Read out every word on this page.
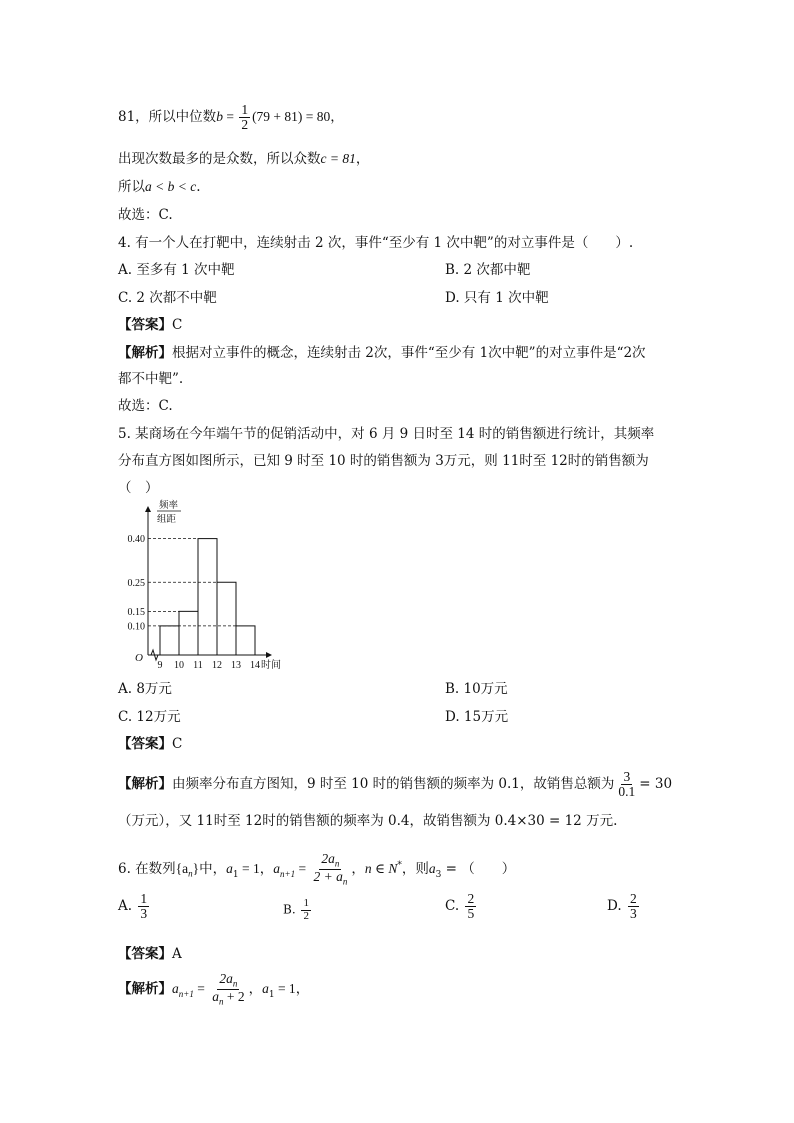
81，所以中位数$b = \frac{1}{2} (79 + 81) = 80$，
出现次数最多的是众数，所以众数c = 81，
所以a < b < c.
故选：C.
4. 有一个人在打靶中，连续射击 2 次，事件“至少有 1 次中靶”的对立事件是（　　）.
A. 至多有 1 次中靶	B. 2 次都中靶
C. 2 次都不中靶	D. 只有 1 次中靶
【答案】C
【解析】根据对立事件的概念，连续射击 2次，事件“至少有 1次中靶”的对立事件是“2次
都不中靶”.
故选：C.
5. 某商场在今年端午节的促销活动中，对 6 月 9 日时至 14 时的销售额进行统计，其频率
分布直方图如图所示，已知 9 时至 10 时的销售额为 3万元，则 11时至 12时的销售额为
（　）
0.40
0.25
0.15
0.10
9 10 11 12 13 14 时间
O
频率
组距
A. 8万元	B. 10万元
C. 12万元	D. 15万元
【答案】C
【解析】由频率分布直方图知，9 时至 10 时的销售额的频率为 0.1，故销售总额为 $\frac{3}{0.1} = 30$
（万元），又 11时至 12时的销售额的频率为 0.4，故销售额为 0.4×30 = 12 万元.
6. 在数列$\{a_n\}$中，$a_1 = 1$，$a_{n+1} = \frac{2a_n}{2 + a_n}$ ，n ∈ N*，则$a_3$ = （　　）
A. $\frac{1}{3}$	B. $\frac{1}{2}$	C. $\frac{2}{5}$	D. $\frac{2}{3}$
【答案】A
【解析】$a_{n+1} = \frac{2a_n}{a_n + 2}$ ，$a_1 = 1$，
